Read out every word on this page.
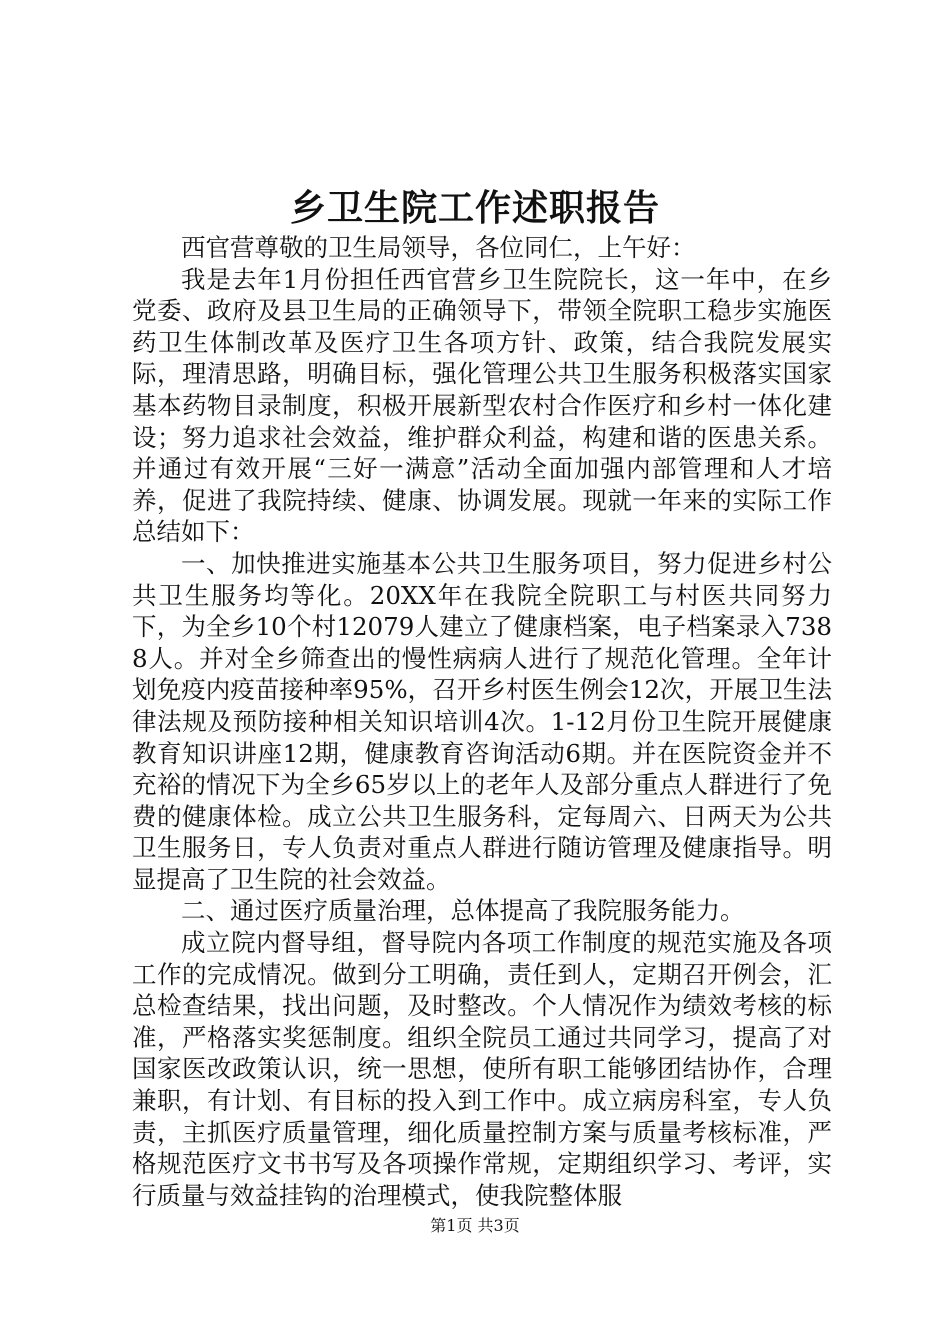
乡卫生院工作述职报告

西官营尊敬的卫生局领导，各位同仁，上午好：

我是去年1月份担任西官营乡卫生院院长，这一年中，在乡党委、政府及县卫生局的正确领导下，带领全院职工稳步实施医药卫生体制改革及医疗卫生各项方针、政策，结合我院发展实际，理清思路，明确目标，强化管理公共卫生服务积极落实国家基本药物目录制度，积极开展新型农村合作医疗和乡村一体化建设；努力追求社会效益，维护群众利益，构建和谐的医患关系。并通过有效开展“三好一满意”活动全面加强内部管理和人才培养，促进了我院持续、健康、协调发展。现就一年来的实际工作总结如下：

一、加快推进实施基本公共卫生服务项目，努力促进乡村公共卫生服务均等化。20XX年在我院全院职工与村医共同努力下，为全乡10个村12079人建立了健康档案，电子档案录入7388人。并对全乡筛查出的慢性病病人进行了规范化管理。全年计划免疫内疫苗接种率95%，召开乡村医生例会12次，开展卫生法律法规及预防接种相关知识培训4次。1-12月份卫生院开展健康教育知识讲座12期，健康教育咨询活动6期。并在医院资金并不充裕的情况下为全乡65岁以上的老年人及部分重点人群进行了免费的健康体检。成立公共卫生服务科，定每周六、日两天为公共卫生服务日，专人负责对重点人群进行随访管理及健康指导。明显提高了卫生院的社会效益。

二、通过医疗质量治理，总体提高了我院服务能力。

成立院内督导组，督导院内各项工作制度的规范实施及各项工作的完成情况。做到分工明确，责任到人，定期召开例会，汇总检查结果，找出问题，及时整改。个人情况作为绩效考核的标准，严格落实奖惩制度。组织全院员工通过共同学习，提高了对国家医改政策认识，统一思想，使所有职工能够团结协作，合理兼职，有计划、有目标的投入到工作中。成立病房科室，专人负责，主抓医疗质量管理，细化质量控制方案与质量考核标准，严格规范医疗文书书写及各项操作常规，定期组织学习、考评，实行质量与效益挂钩的治理模式，使我院整体服

第1页 共3页
